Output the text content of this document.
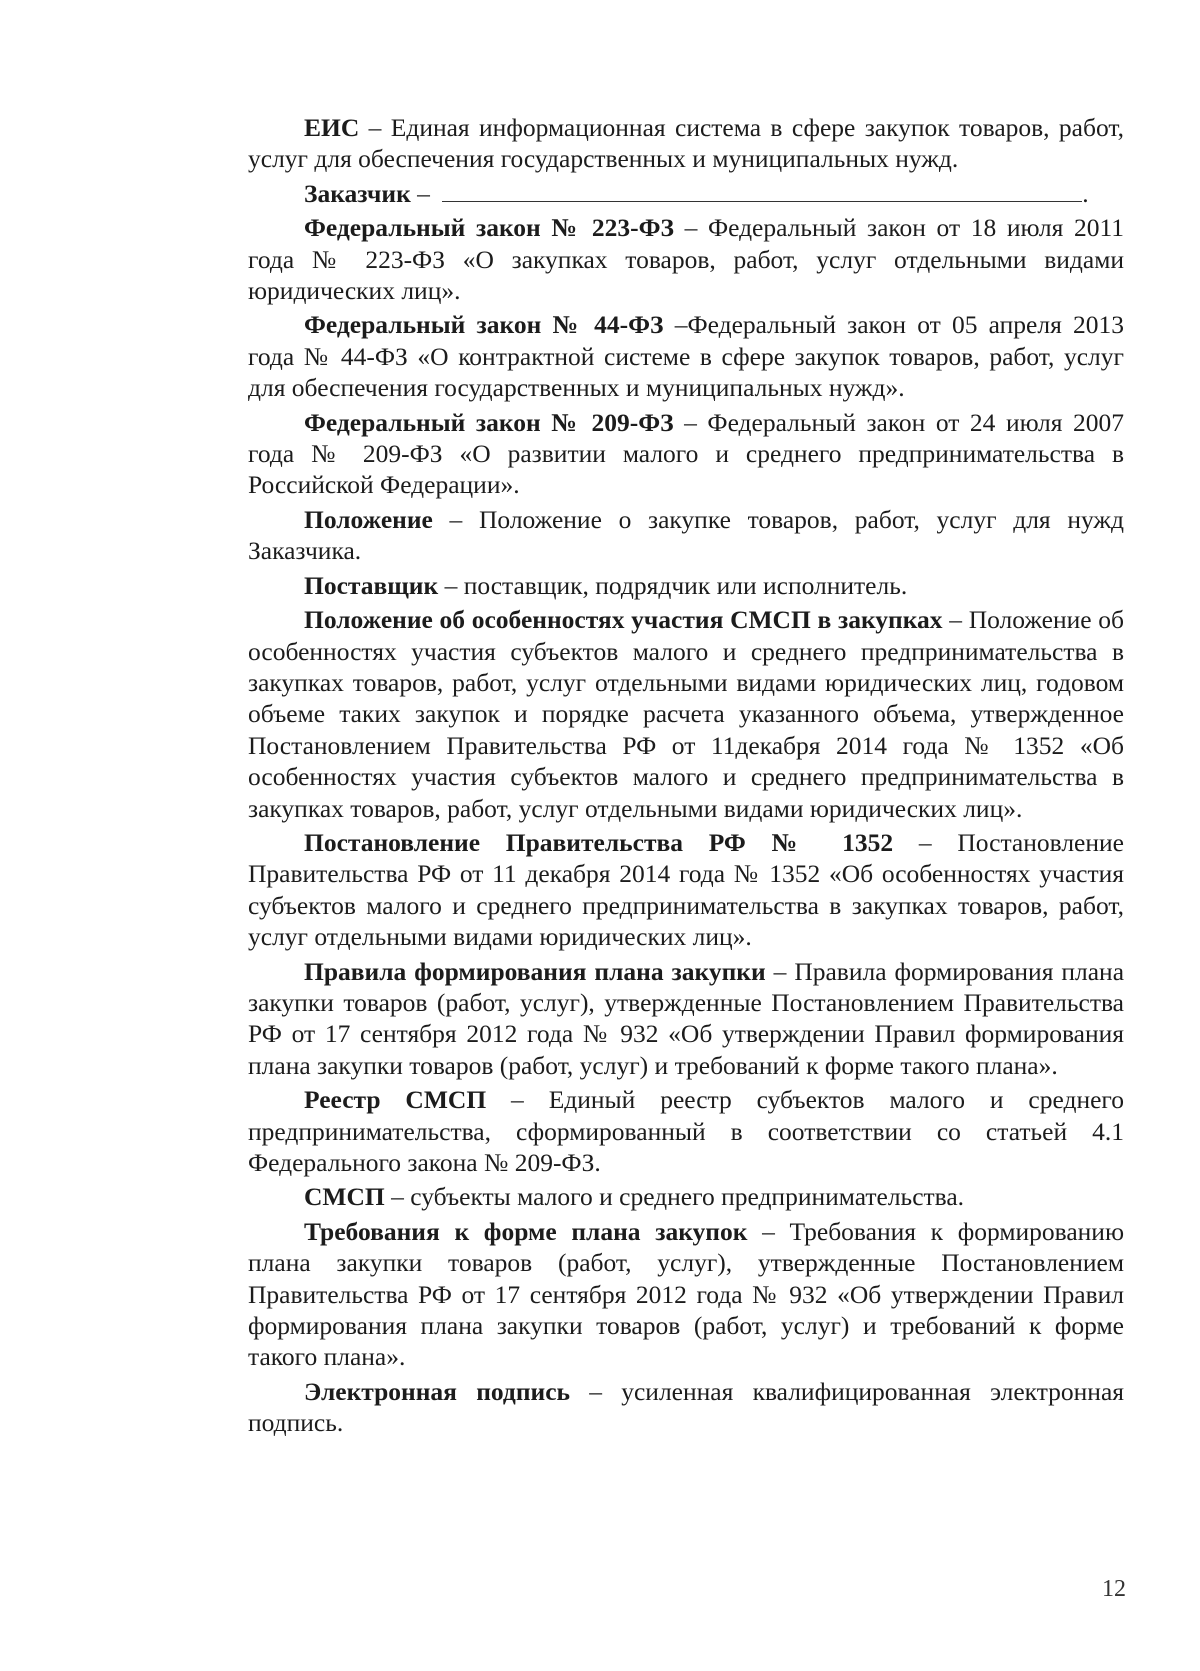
ЕИС – Единая информационная система в сфере закупок товаров, работ, услуг для обеспечения государственных и муниципальных нужд.

Заказчик –	.

Федеральный закон № 223-ФЗ – Федеральный закон от 18 июля 2011 года № 223-ФЗ «О закупках товаров, работ, услуг отдельными видами юридических лиц».

Федеральный закон № 44-ФЗ –Федеральный закон от 05 апреля 2013 года № 44-ФЗ «О контрактной системе в сфере закупок товаров, работ, услуг для обеспечения государственных и муниципальных нужд».

Федеральный закон № 209-ФЗ – Федеральный закон от 24 июля 2007 года № 209-ФЗ «О развитии малого и среднего предпринимательства в Российской Федерации».

Положение – Положение о закупке товаров, работ, услуг для нужд Заказчика.

Поставщик – поставщик, подрядчик или исполнитель.

Положение об особенностях участия СМСП в закупках – Положение об особенностях участия субъектов малого и среднего предпринимательства в закупках товаров, работ, услуг отдельными видами юридических лиц, годовом объеме таких закупок и порядке расчета указанного объема, утвержденное Постановлением Правительства РФ от 11декабря 2014 года № 1352 «Об особенностях участия субъектов малого и среднего предпринимательства в закупках товаров, работ, услуг отдельными видами юридических лиц».

Постановление Правительства РФ № 1352 – Постановление Правительства РФ от 11 декабря 2014 года № 1352 «Об особенностях участия субъектов малого и среднего предпринимательства в закупках товаров, работ, услуг отдельными видами юридических лиц».

Правила формирования плана закупки – Правила формирования плана закупки товаров (работ, услуг), утвержденные Постановлением Правительства РФ от 17 сентября 2012 года № 932 «Об утверждении Правил формирования плана закупки товаров (работ, услуг) и требований к форме такого плана».

Реестр СМСП – Единый реестр субъектов малого и среднего предпринимательства, сформированный в соответствии со статьей 4.1 Федерального закона № 209-ФЗ.

СМСП – субъекты малого и среднего предпринимательства.

Требования к форме плана закупок – Требования к формированию плана закупки товаров (работ, услуг), утвержденные Постановлением Правительства РФ от 17 сентября 2012 года № 932 «Об утверждении Правил формирования плана закупки товаров (работ, услуг) и требований к форме такого плана».

Электронная подпись – усиленная квалифицированная электронная подпись.

12
